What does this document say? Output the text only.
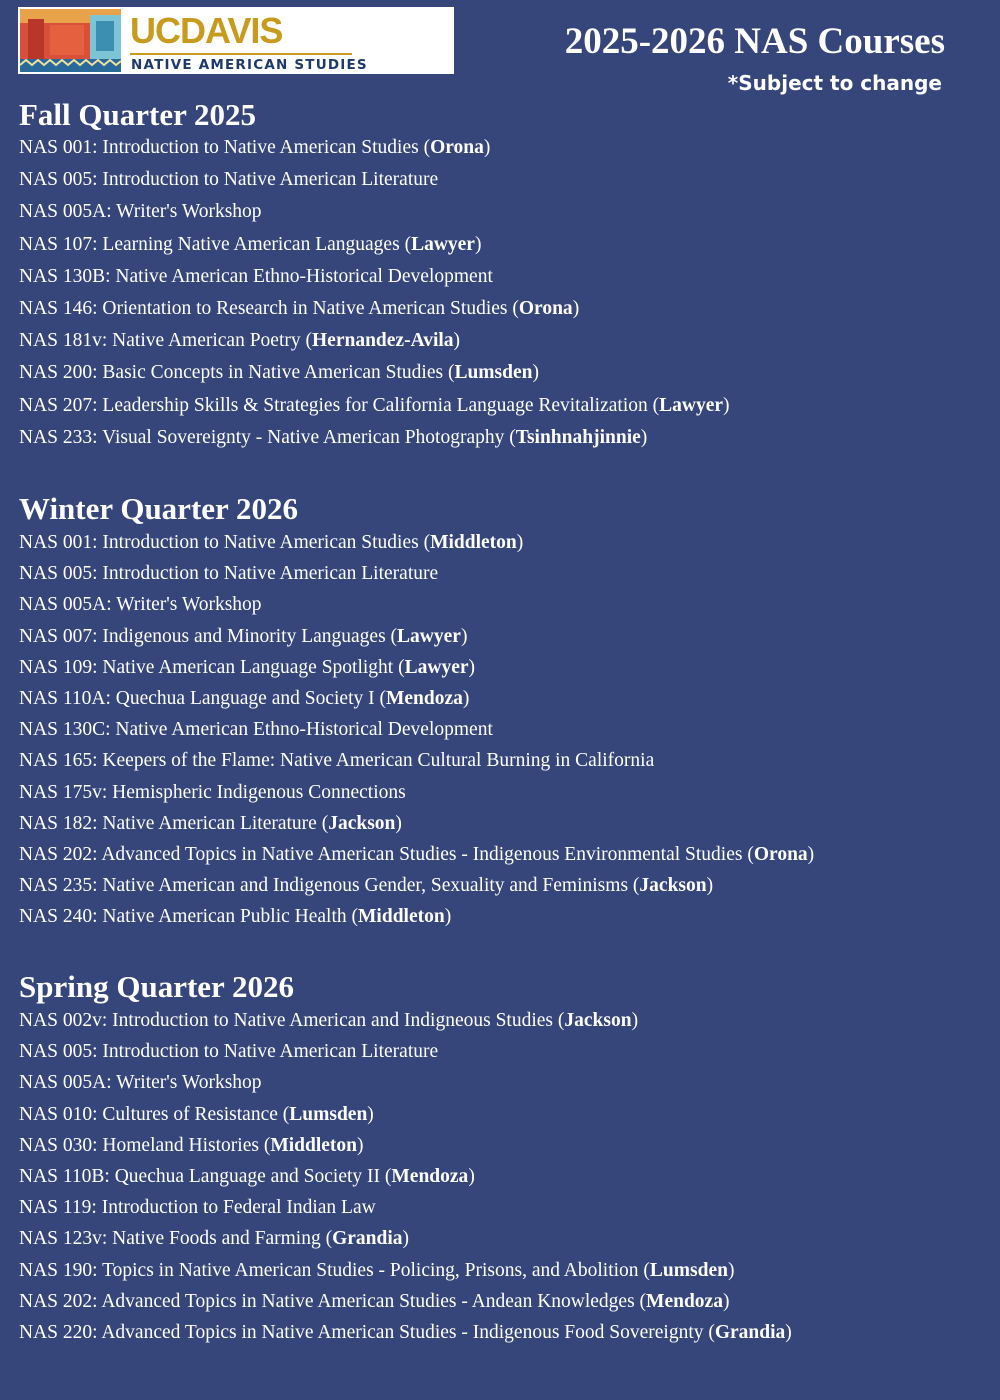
UCDAVIS
NATIVE AMERICAN STUDIES
2025-2026 NAS Courses

*Subject to change

Fall Quarter 2025

NAS 001: Introduction to Native American Studies (Orona)

NAS 005: Introduction to Native American Literature

NAS 005A: Writer's Workshop

NAS 107: Learning Native American Languages (Lawyer)

NAS 130B: Native American Ethno-Historical Development

NAS 146: Orientation to Research in Native American Studies (Orona)

NAS 181v: Native American Poetry (Hernandez-Avila)

NAS 200: Basic Concepts in Native American Studies (Lumsden)

NAS 207: Leadership Skills & Strategies for California Language Revitalization (Lawyer)

NAS 233: Visual Sovereignty - Native American Photography (Tsinhnahjinnie)

Winter Quarter 2026

NAS 001: Introduction to Native American Studies (Middleton)

NAS 005: Introduction to Native American Literature

NAS 005A: Writer's Workshop

NAS 007: Indigenous and Minority Languages (Lawyer)

NAS 109: Native American Language Spotlight (Lawyer)

NAS 110A: Quechua Language and Society I (Mendoza)

NAS 130C: Native American Ethno-Historical Development

NAS 165: Keepers of the Flame: Native American Cultural Burning in California

NAS 175v: Hemispheric Indigenous Connections

NAS 182: Native American Literature (Jackson)

NAS 202: Advanced Topics in Native American Studies - Indigenous Environmental Studies (Orona)

NAS 235: Native American and Indigenous Gender, Sexuality and Feminisms (Jackson)

NAS 240: Native American Public Health (Middleton)

Spring Quarter 2026

NAS 002v: Introduction to Native American and Indigneous Studies (Jackson)

NAS 005: Introduction to Native American Literature

NAS 005A: Writer's Workshop

NAS 010: Cultures of Resistance (Lumsden)

NAS 030: Homeland Histories (Middleton)

NAS 110B: Quechua Language and Society II (Mendoza)

NAS 119: Introduction to Federal Indian Law

NAS 123v: Native Foods and Farming (Grandia)

NAS 190: Topics in Native American Studies - Policing, Prisons, and Abolition (Lumsden)

NAS 202: Advanced Topics in Native American Studies - Andean Knowledges (Mendoza)

NAS 220: Advanced Topics in Native American Studies - Indigenous Food Sovereignty (Grandia)
